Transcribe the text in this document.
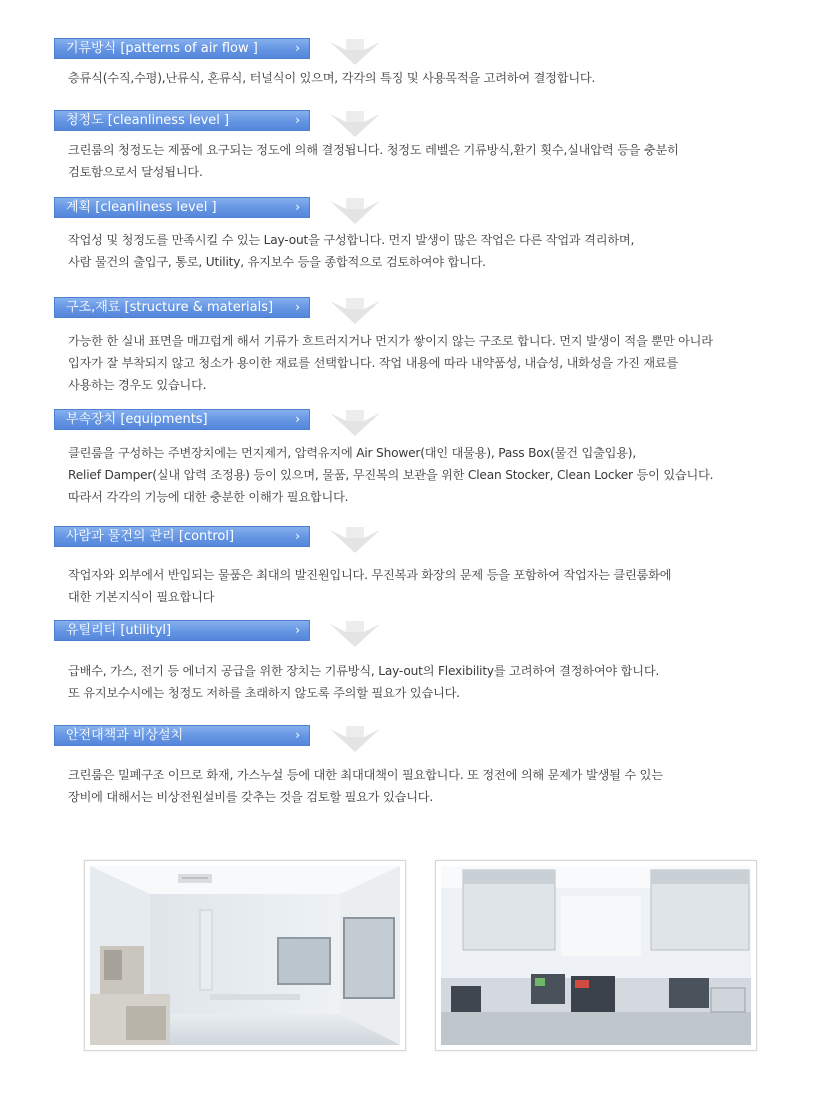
기류방식 [patterns of air flow ]	›
층류식(수직,수평),난류식, 혼류식, 터널식이 있으며, 각각의 특징 및 사용목적을 고려하여 결정합니다.
청정도 [cleanliness level ]	›
크린룸의 청정도는 제품에 요구되는 정도에 의해 결정됩니다. 청정도 레벨은 기류방식,환기 횟수,실내압력 등을 충분히
검토함으로서 달성됩니다.
계획 [cleanliness level ]	›
작업성 및 청정도를 만족시킬 수 있는 Lay-out을 구성합니다. 먼지 발생이 많은 작업은 다른 작업과 격리하며,
사람 물건의 출입구, 통로, Utility, 유지보수 등을 종합적으로 검토하여야 합니다.
구조,재료 [structure & materials] ›
가능한 한 실내 표면을 매끄럽게 해서 기류가 흐트러지거나 먼지가 쌓이지 않는 구조로 합니다. 먼지 발생이 적을 뿐만 아니라
입자가 잘 부착되지 않고 청소가 용이한 재료를 선택합니다. 작업 내용에 따라 내약품성, 내습성, 내화성을 가진 재료를
사용하는 경우도 있습니다.
부속장치 [equipments]	›
클린룸을 구성하는 주변장치에는 먼지제거, 압력유지에 Air Shower(대인 대물용), Pass Box(물건 입출입용),
Relief Damper(실내 압력 조정용) 등이 있으며, 물품, 무진복의 보관을 위한 Clean Stocker, Clean Locker 등이 있습니다.
따라서 각각의 기능에 대한 충분한 이해가 필요합니다.
사람과 물건의 관리 [control]	›
작업자와 외부에서 반입되는 물품은 최대의 발진원입니다. 무진복과 화장의 문제 등을 포함하여 작업자는 클린룸화에
대한 기본지식이 필요합니다
유틸리티 [utilityl]	›
급배수, 가스, 전기 등 에너지 공급을 위한 장치는 기류방식, Lay-out의 Flexibility를 고려하여 결정하여야 합니다.
또 유지보수시에는 청정도 저하를 초래하지 않도록 주의할 필요가 있습니다.
안전대책과 비상설치	›
크린룸은 밀폐구조 이므로 화재, 가스누설 등에 대한 최대대책이 필요합니다. 또 정전에 의해 문제가 발생될 수 있는
장비에 대해서는 비상전원설비를 갖추는 것을 검토할 필요가 있습니다.
